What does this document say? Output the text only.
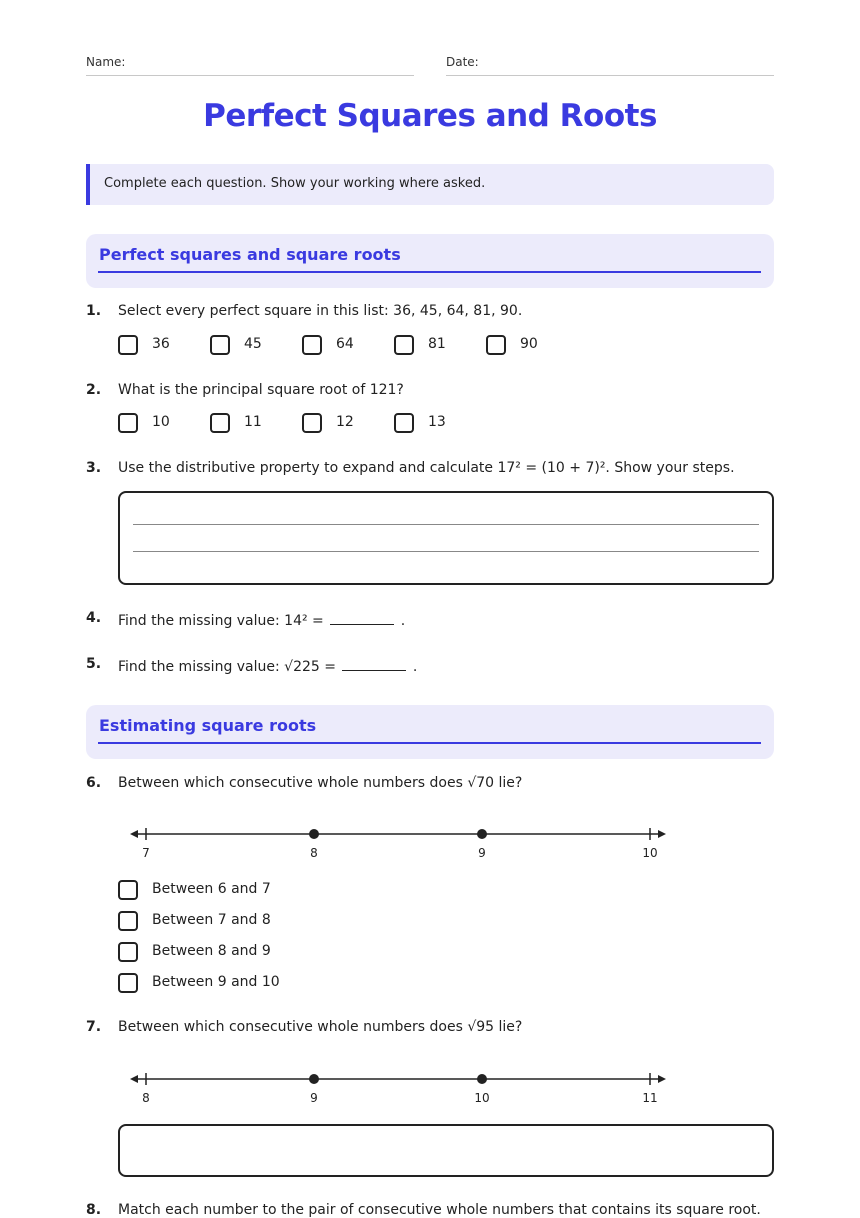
Name:	Date:
Perfect Squares and Roots
Complete each question. Show your working where asked.
Perfect squares and square roots
1. Select every perfect square in this list: 36, 45, 64, 81, 90.
36	45	64	81	90
2. What is the principal square root of 121?
10	11	12	13
3. Use the distributive property to expand and calculate 17² = (10 + 7)². Show your steps.
4. Find the missing value: 14² =	.
5. Find the missing value: √225 =	.
Estimating square roots
6. Between which consecutive whole numbers does √70 lie?
7	8	9	10
Between 6 and 7
Between 7 and 8
Between 8 and 9
Between 9 and 10
7. Between which consecutive whole numbers does √95 lie?
8	9	10	11
8. Match each number to the pair of consecutive whole numbers that contains its square root.
